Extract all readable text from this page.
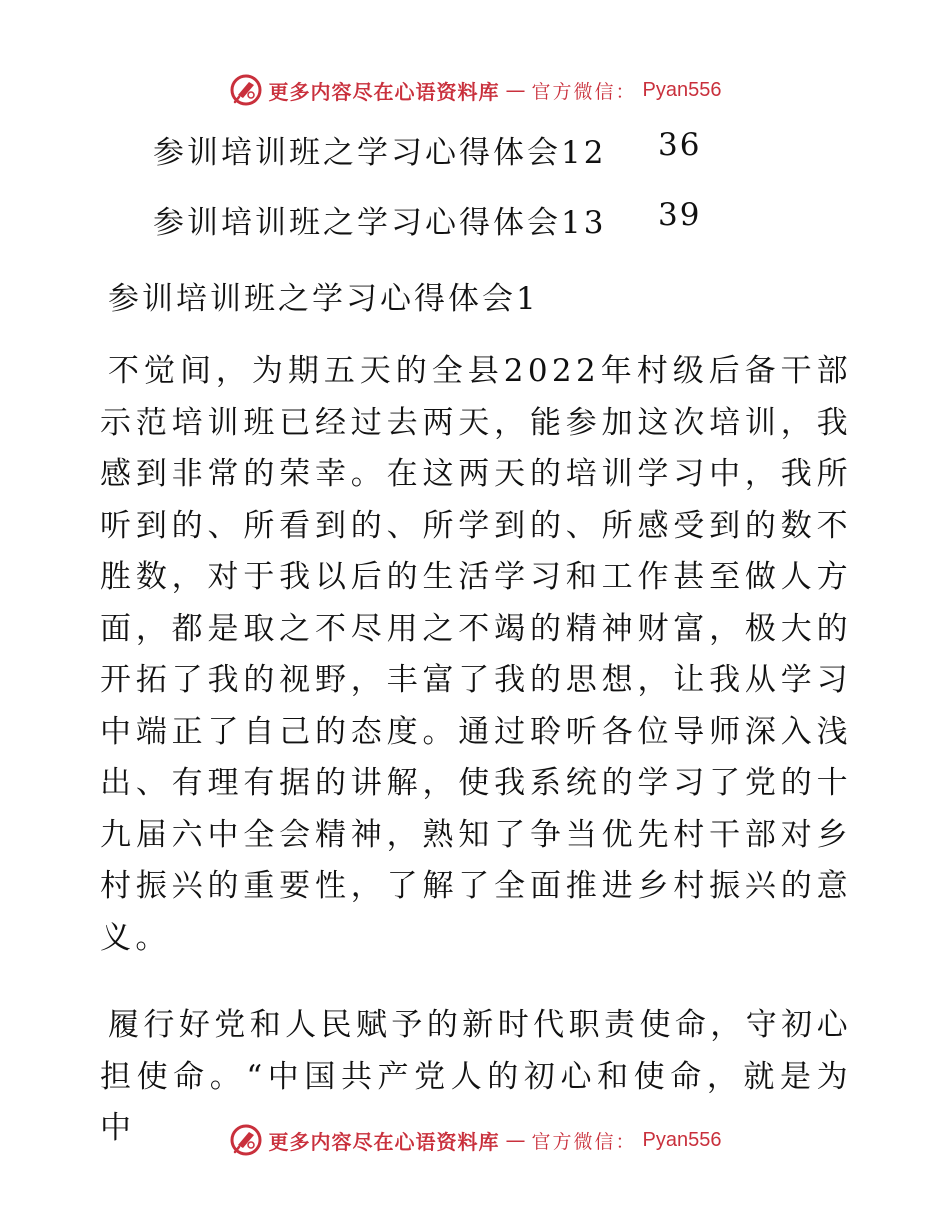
更多内容尽在心语资料库 — 官方微信： Pyan556
参训培训班之学习心得体会12 36
参训培训班之学习心得体会13 39
参训培训班之学习心得体会1

不觉间，为期五天的全县2022年村级后备干部示范培训班已经过去两天，能参加这次培训，我感到非常的荣幸。在这两天的培训学习中，我所听到的、所看到的、所学到的、所感受到的数不胜数，对于我以后的生活学习和工作甚至做人方面，都是取之不尽用之不竭的精神财富，极大的开拓了我的视野，丰富了我的思想，让我从学习中端正了自己的态度。通过聆听各位导师深入浅出、有理有据的讲解，使我系统的学习了党的十九届六中全会精神，熟知了争当优先村干部对乡村振兴的重要性，了解了全面推进乡村振兴的意义。

履行好党和人民赋予的新时代职责使命，守初心担使命。“中国共产党人的初心和使命，就是为中	更多内容尽在心语资料库 — 官方微信： Pyan556
